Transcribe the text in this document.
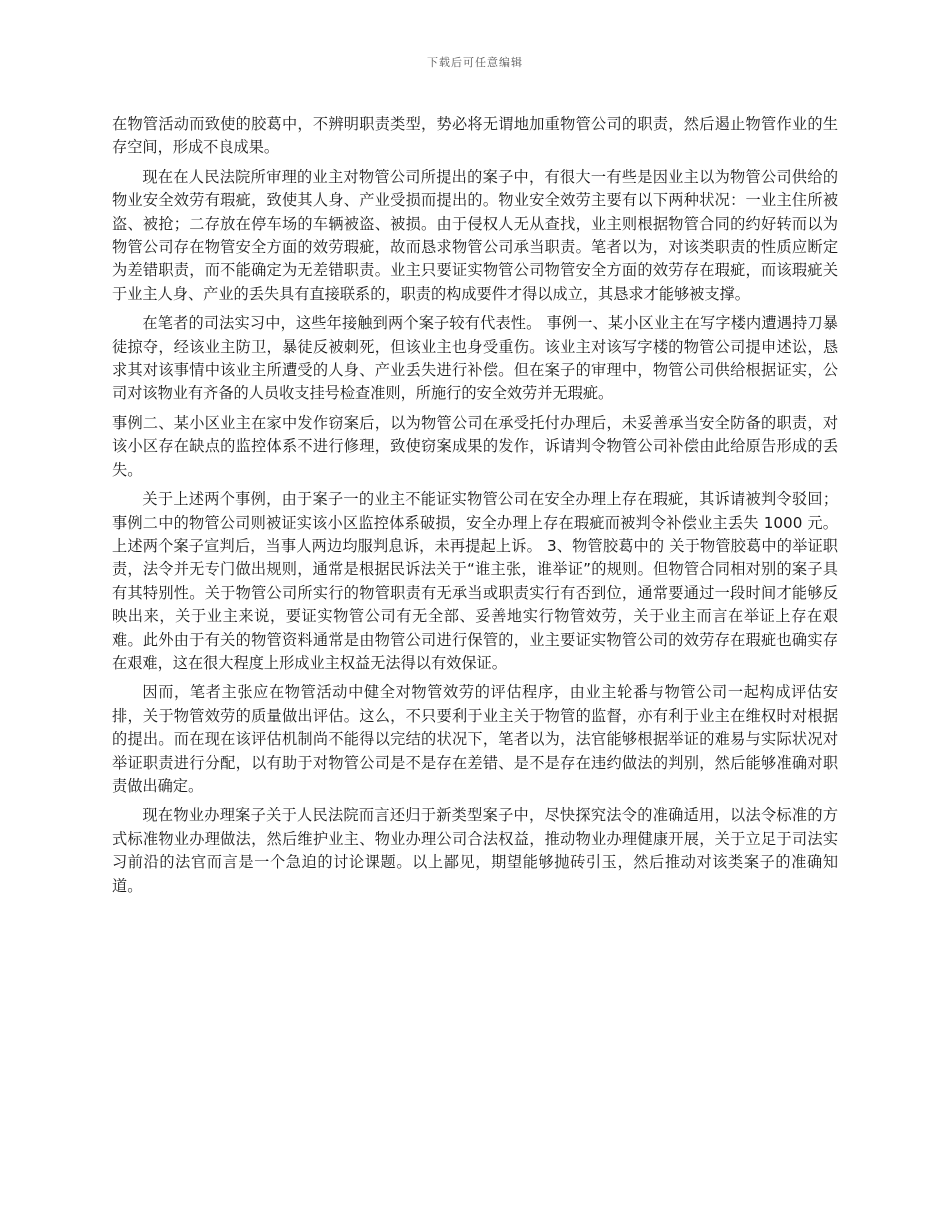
下载后可任意编辑

在物管活动而致使的胶葛中，不辨明职责类型，势必将无谓地加重物管公司的职责，然后遏止物管作业的生存空间，形成不良成果。

现在在人民法院所审理的业主对物管公司所提出的案子中，有很大一有些是因业主以为物管公司供给的物业安全效劳有瑕疵，致使其人身、产业受损而提出的。物业安全效劳主要有以下两种状况：一业主住所被盗、被抢；二存放在停车场的车辆被盗、被损。由于侵权人无从查找，业主则根据物管合同的约好转而以为物管公司存在物管安全方面的效劳瑕疵，故而恳求物管公司承当职责。笔者以为，对该类职责的性质应断定为差错职责，而不能确定为无差错职责。业主只要证实物管公司物管安全方面的效劳存在瑕疵，而该瑕疵关于业主人身、产业的丢失具有直接联系的，职责的构成要件才得以成立，其恳求才能够被支撑。

在笔者的司法实习中，这些年接触到两个案子较有代表性。 事例一、某小区业主在写字楼内遭遇持刀暴徒掠夺，经该业主防卫，暴徒反被刺死，但该业主也身受重伤。该业主对该写字楼的物管公司提申述讼，恳求其对该事情中该业主所遭受的人身、产业丢失进行补偿。但在案子的审理中，物管公司供给根据证实，公司对该物业有齐备的人员收支挂号检查准则，所施行的安全效劳并无瑕疵。

事例二、某小区业主在家中发作窃案后，以为物管公司在承受托付办理后，未妥善承当安全防备的职责，对该小区存在缺点的监控体系不进行修理，致使窃案成果的发作，诉请判令物管公司补偿由此给原告形成的丢失。

关于上述两个事例，由于案子一的业主不能证实物管公司在安全办理上存在瑕疵，其诉请被判令驳回；事例二中的物管公司则被证实该小区监控体系破损，安全办理上存在瑕疵而被判令补偿业主丢失 1000 元。上述两个案子宣判后，当事人两边均服判息诉，未再提起上诉。 3、物管胶葛中的 关于物管胶葛中的举证职责，法令并无专门做出规则，通常是根据民诉法关于“谁主张，谁举证”的规则。但物管合同相对别的案子具有其特别性。关于物管公司所实行的物管职责有无承当或职责实行有否到位，通常要通过一段时间才能够反映出来，关于业主来说，要证实物管公司有无全部、妥善地实行物管效劳，关于业主而言在举证上存在艰难。此外由于有关的物管资料通常是由物管公司进行保管的，业主要证实物管公司的效劳存在瑕疵也确实存在艰难，这在很大程度上形成业主权益无法得以有效保证。

因而，笔者主张应在物管活动中健全对物管效劳的评估程序，由业主轮番与物管公司一起构成评估安排，关于物管效劳的质量做出评估。这么，不只要利于业主关于物管的监督，亦有利于业主在维权时对根据的提出。而在现在该评估机制尚不能得以完结的状况下，笔者以为，法官能够根据举证的难易与实际状况对举证职责进行分配，以有助于对物管公司是不是存在差错、是不是存在违约做法的判别，然后能够准确对职责做出确定。

现在物业办理案子关于人民法院而言还归于新类型案子中，尽快探究法令的准确适用，以法令标准的方式标准物业办理做法，然后维护业主、物业办理公司合法权益，推动物业办理健康开展，关于立足于司法实习前沿的法官而言是一个急迫的讨论课题。以上鄙见，期望能够抛砖引玉，然后推动对该类案子的准确知道。
